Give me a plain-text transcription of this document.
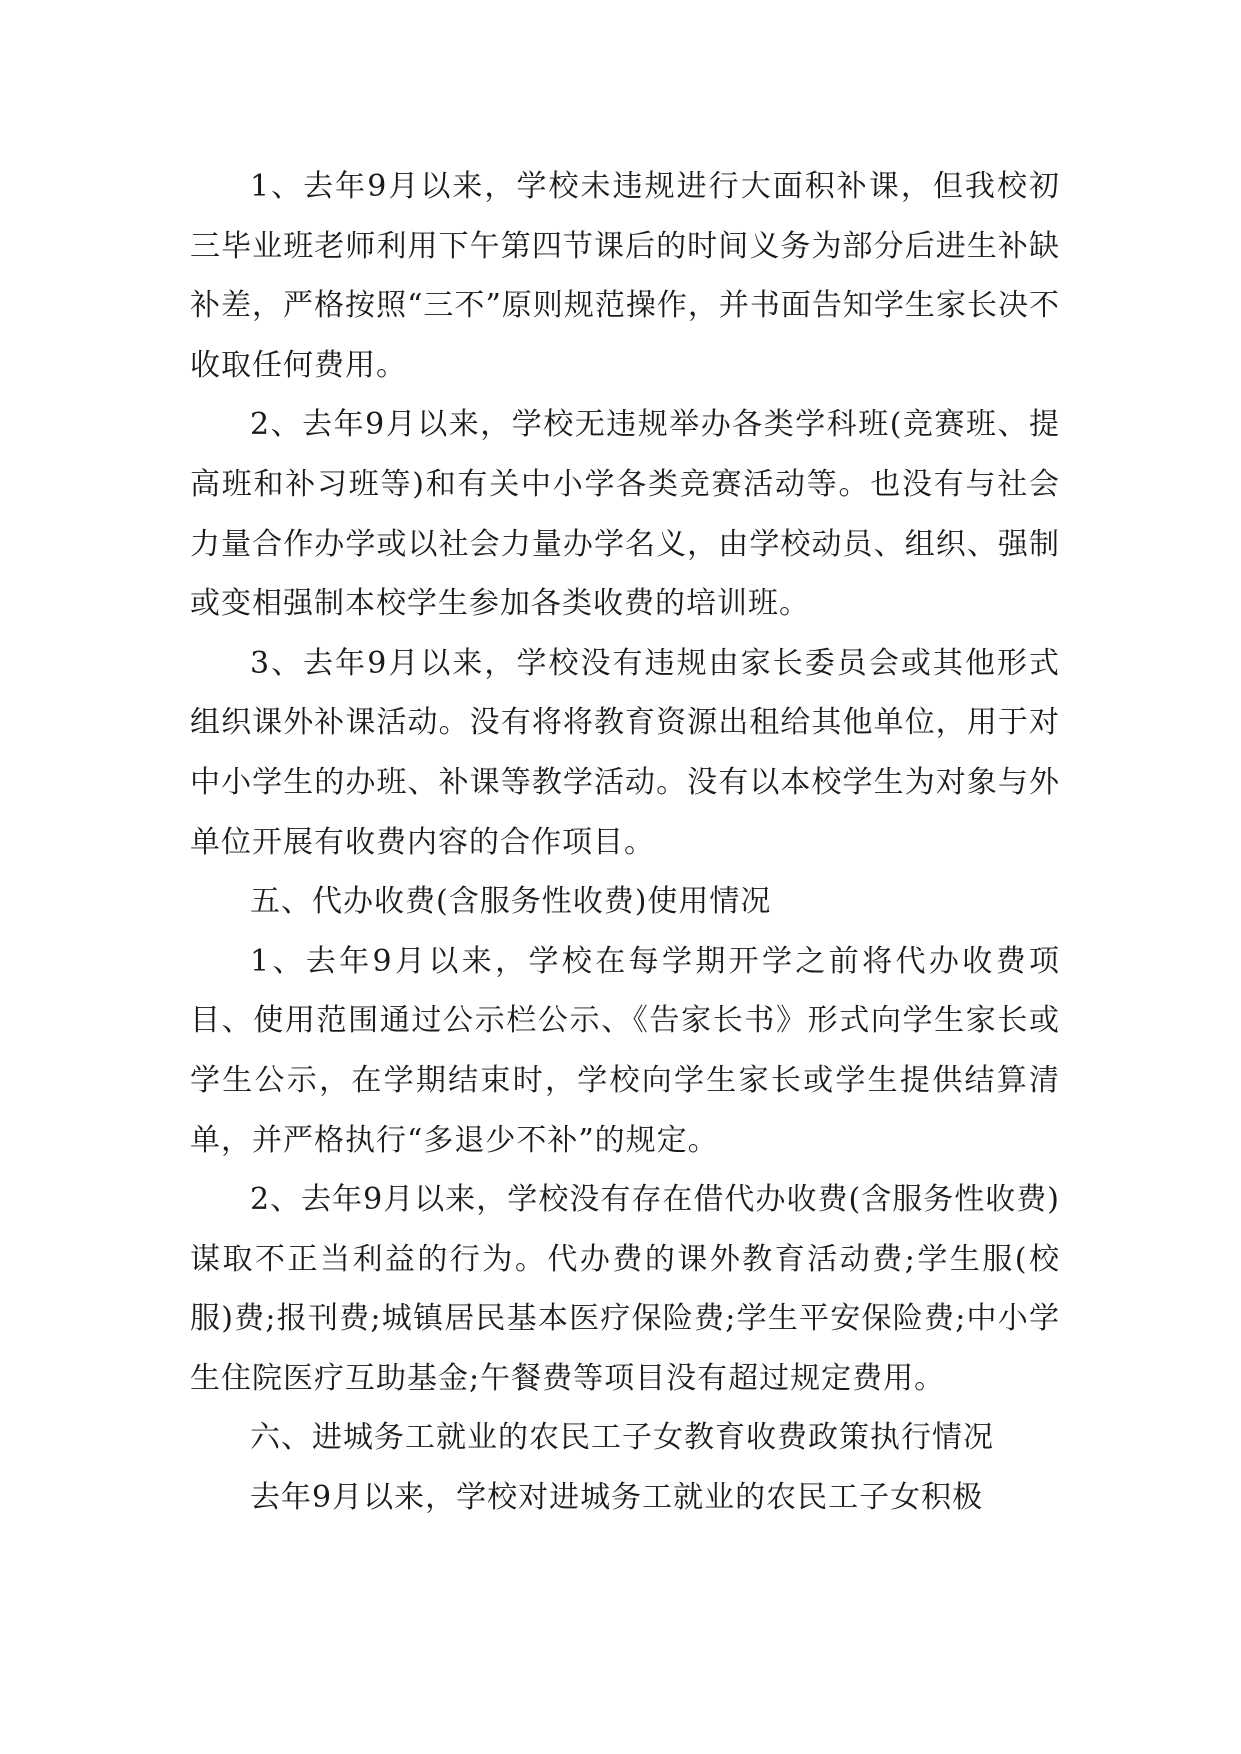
1、去年9月以来，学校未违规进行大面积补课，但我校初三毕业班老师利用下午第四节课后的时间义务为部分后进生补缺补差，严格按照“三不”原则规范操作，并书面告知学生家长决不收取任何费用。

2、去年9月以来，学校无违规举办各类学科班(竞赛班、提高班和补习班等)和有关中小学各类竞赛活动等。也没有与社会力量合作办学或以社会力量办学名义，由学校动员、组织、强制或变相强制本校学生参加各类收费的培训班。

3、去年9月以来，学校没有违规由家长委员会或其他形式组织课外补课活动。没有将将教育资源出租给其他单位，用于对中小学生的办班、补课等教学活动。没有以本校学生为对象与外单位开展有收费内容的合作项目。

五、代办收费(含服务性收费)使用情况

1、去年9月以来，学校在每学期开学之前将代办收费项目、使用范围通过公示栏公示、《告家长书》形式向学生家长或学生公示，在学期结束时，学校向学生家长或学生提供结算清单，并严格执行“多退少不补”的规定。

2、去年9月以来，学校没有存在借代办收费(含服务性收费)谋取不正当利益的行为。代办费的课外教育活动费;学生服(校服)费;报刊费;城镇居民基本医疗保险费;学生平安保险费;中小学生住院医疗互助基金;午餐费等项目没有超过规定费用。

六、进城务工就业的农民工子女教育收费政策执行情况

去年9月以来，学校对进城务工就业的农民工子女积极
